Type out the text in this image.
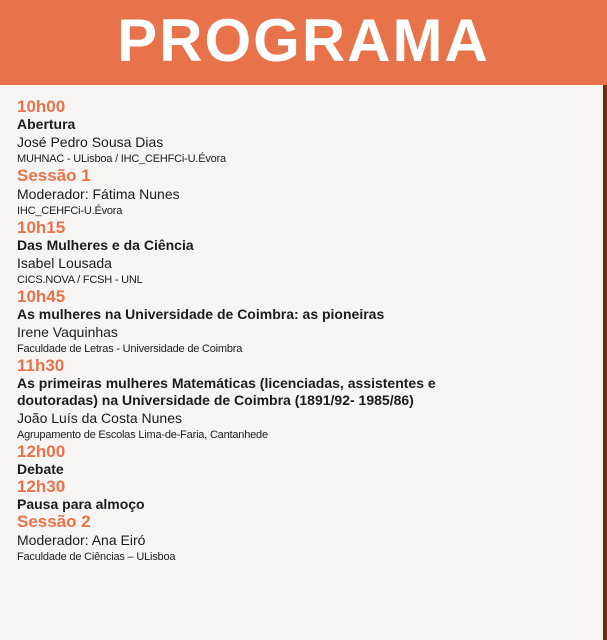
PROGRAMA
10h00
Abertura
José Pedro Sousa Dias
MUHNAC - ULisboa / IHC_CEHFCi-U.Évora
Sessão 1
Moderador: Fátima Nunes
IHC_CEHFCi-U.Évora
10h15
Das Mulheres e da Ciência
Isabel Lousada
CICS.NOVA / FCSH - UNL
10h45
As mulheres na Universidade de Coimbra: as pioneiras
Irene Vaquinhas
Faculdade de Letras - Universidade de Coimbra
11h30
As primeiras mulheres Matemáticas (licenciadas, assistentes e doutoradas) na Universidade de Coimbra (1891/92- 1985/86)
João Luís da Costa Nunes
Agrupamento de Escolas Lima-de-Faria, Cantanhede
12h00
Debate
12h30
Pausa para almoço
Sessão 2
Moderador: Ana Eiró
Faculdade de Ciências – ULisboa
